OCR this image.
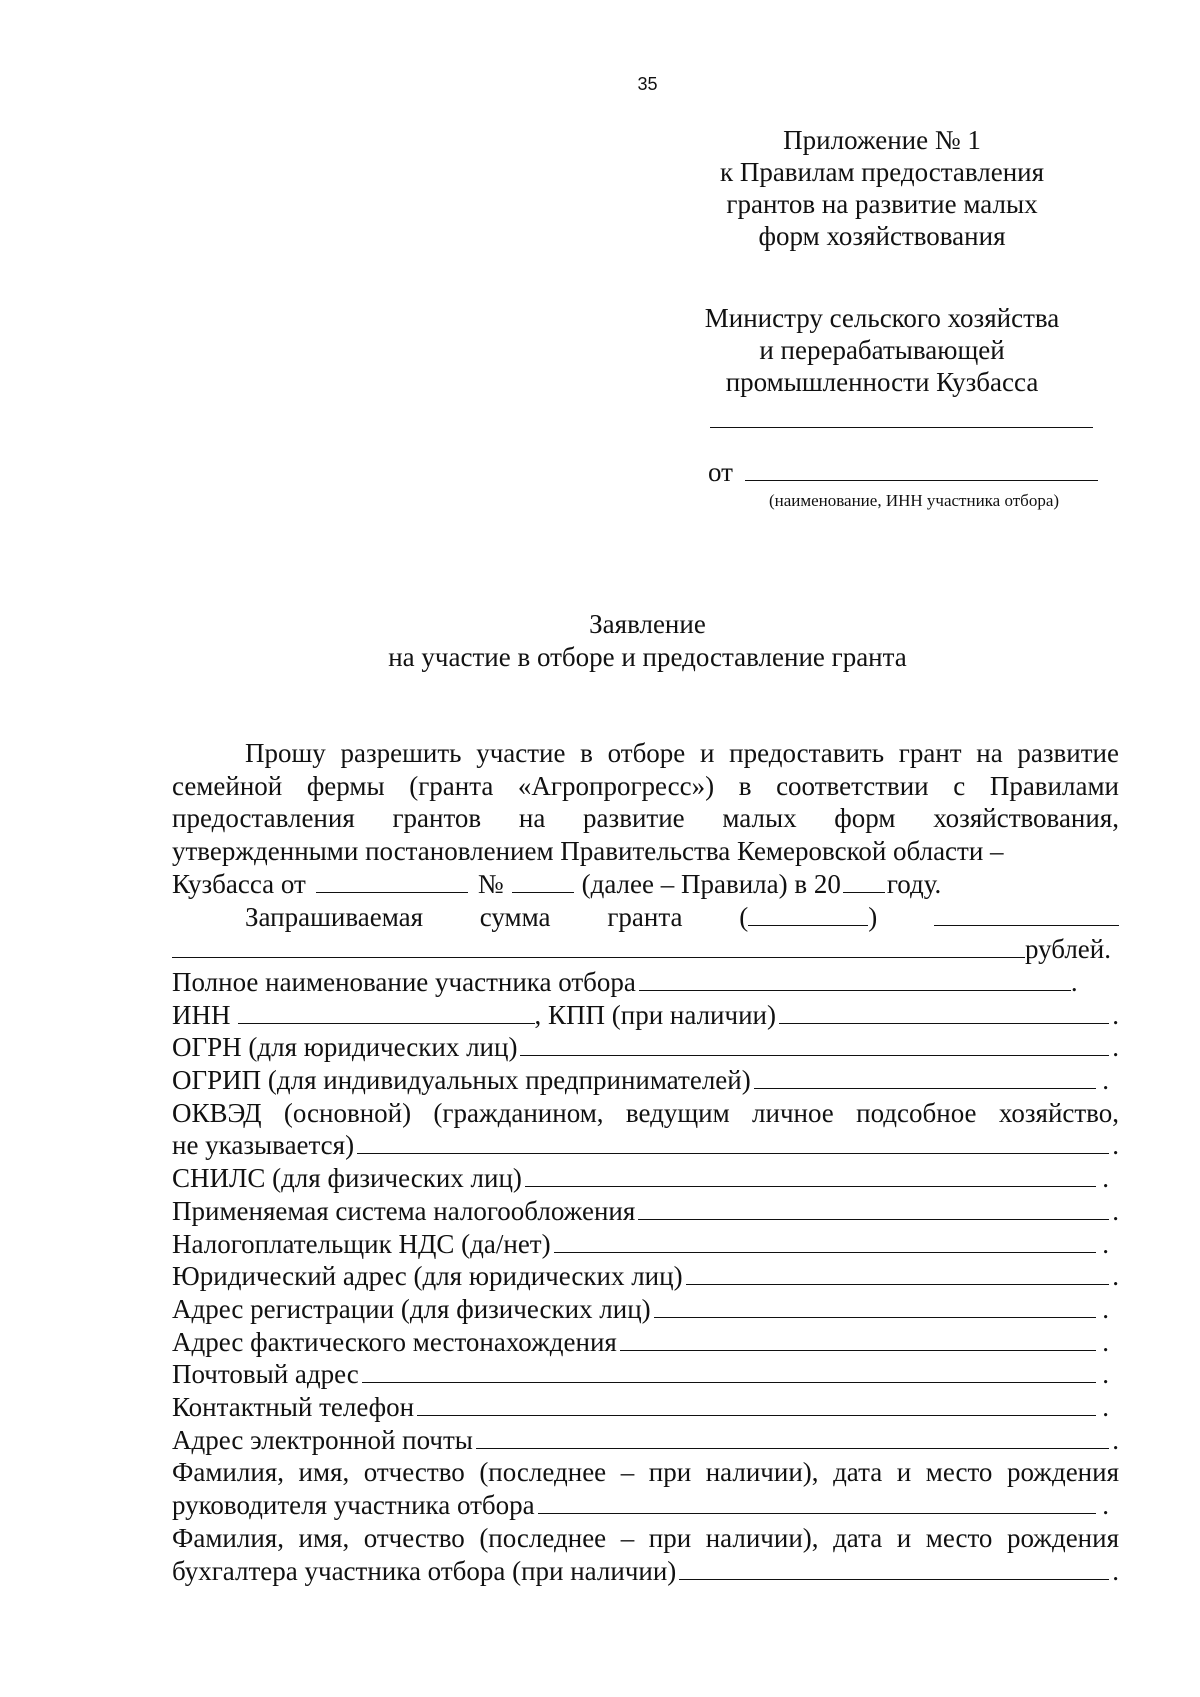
35
Приложение № 1
к Правилам предоставления
грантов на развитие малых
форм хозяйствования
Министру сельского хозяйства
и перерабатывающей
промышленности Кузбасса
от
(наименование, ИНН участника отбора)
Заявление
на участие в отборе и предоставление гранта

Прошу разрешить участие в отборе и предоставить грант на развитие семейной фермы (гранта «Агропрогресс») в соответствии с Правилами предоставления грантов на развитие малых форм хозяйствования, утвержденными постановлением Правительства Кемеровской области –

Кузбасса от	№	(далее – Правила) в 20 году.
Запрашиваемая сумма гранта (	)
рублей.
Полное наименование участника отбора	.
ИНН	, КПП (при наличии)	.
ОГРН (для юридических лиц)	.
ОГРИП (для индивидуальных предпринимателей)	.
ОКВЭД (основной) (гражданином, ведущим личное подсобное хозяйство,
не указывается)	.
СНИЛС (для физических лиц)	.
Применяемая система налогообложения	.
Налогоплательщик НДС (да/нет)	.
Юридический адрес (для юридических лиц)	.
Адрес регистрации (для физических лиц)	.
Адрес фактического местонахождения	.
Почтовый адрес	.
Контактный телефон	.
Адрес электронной почты	.
Фамилия, имя, отчество (последнее – при наличии), дата и место рождения
руководителя участника отбора	.
Фамилия, имя, отчество (последнее – при наличии), дата и место рождения
бухгалтера участника отбора (при наличии)	.
